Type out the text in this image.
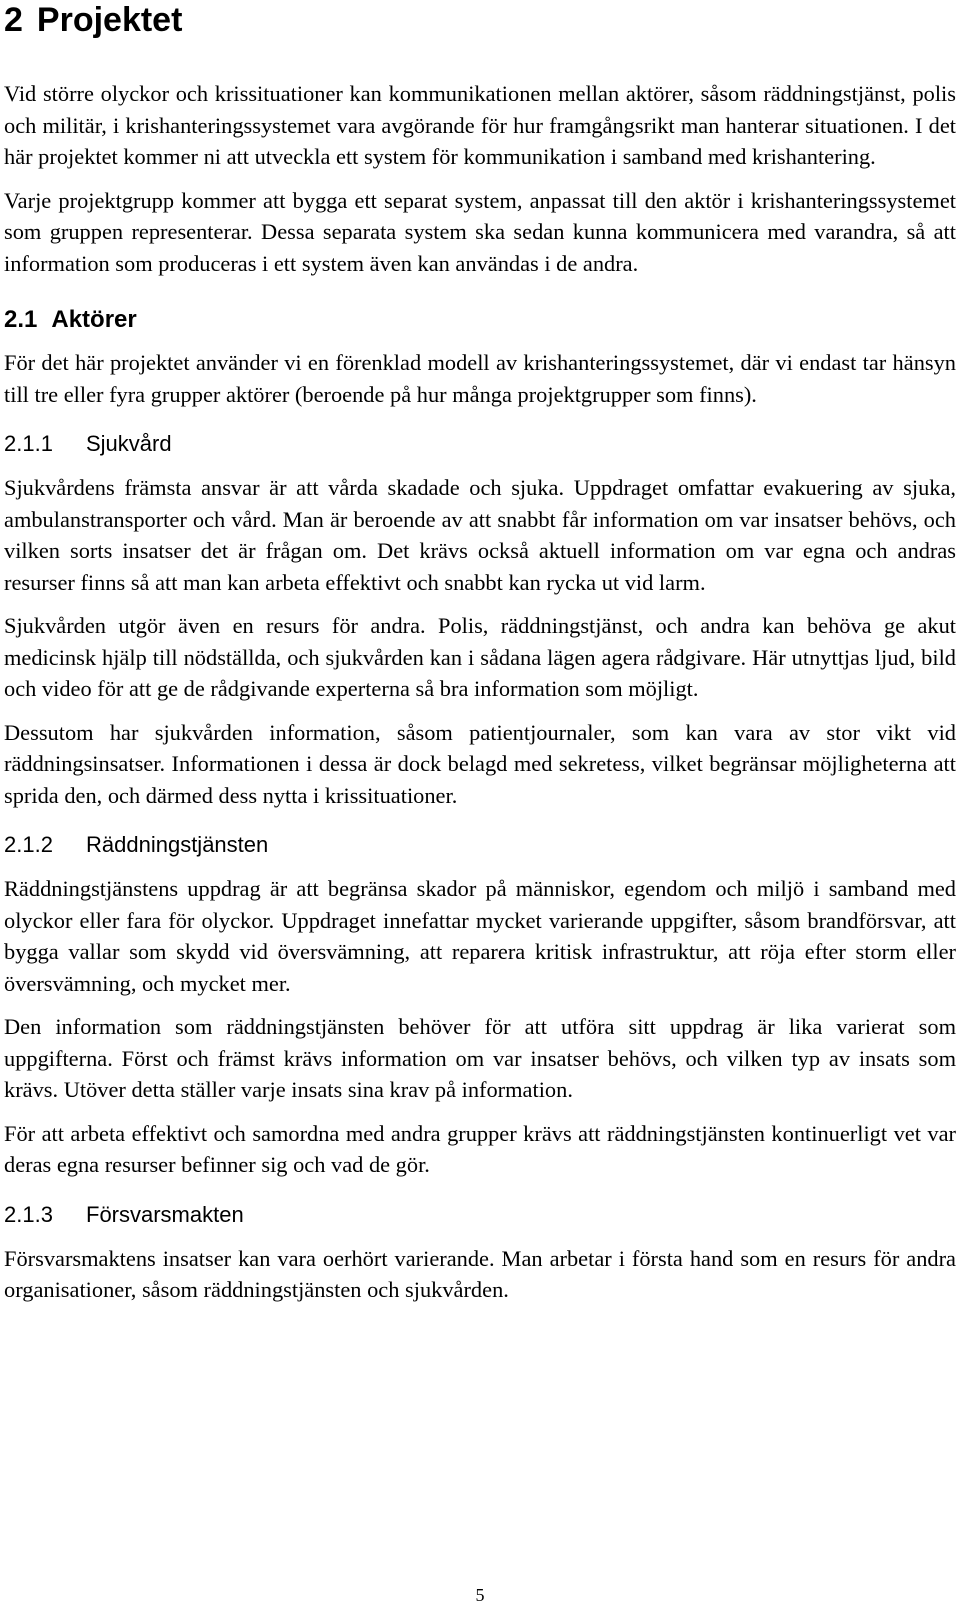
2 Projektet

Vid större olyckor och krissituationer kan kommunikationen mellan aktörer, såsom räddningstjänst, polis och militär, i krishanteringssystemet vara avgörande för hur framgångsrikt man hanterar situationen. I det här projektet kommer ni att utveckla ett system för kommunikation i samband med krishantering.

Varje projektgrupp kommer att bygga ett separat system, anpassat till den aktör i krishanteringssystemet som gruppen representerar. Dessa separata system ska sedan kunna kommunicera med varandra, så att information som produceras i ett system även kan användas i de andra.

2.1 Aktörer

För det här projektet använder vi en förenklad modell av krishanteringssystemet, där vi endast tar hänsyn till tre eller fyra grupper aktörer (beroende på hur många projektgrupper som finns).

2.1.1 Sjukvård

Sjukvårdens främsta ansvar är att vårda skadade och sjuka. Uppdraget omfattar evakuering av sjuka, ambulanstransporter och vård. Man är beroende av att snabbt får information om var insatser behövs, och vilken sorts insatser det är frågan om. Det krävs också aktuell information om var egna och andras resurser finns så att man kan arbeta effektivt och snabbt kan rycka ut vid larm.

Sjukvården utgör även en resurs för andra. Polis, räddningstjänst, och andra kan behöva ge akut medicinsk hjälp till nödställda, och sjukvården kan i sådana lägen agera rådgivare. Här utnyttjas ljud, bild och video för att ge de rådgivande experterna så bra information som möjligt.

Dessutom har sjukvården information, såsom patientjournaler, som kan vara av stor vikt vid räddningsinsatser. Informationen i dessa är dock belagd med sekretess, vilket begränsar möjligheterna att sprida den, och därmed dess nytta i krissituationer.

2.1.2 Räddningstjänsten

Räddningstjänstens uppdrag är att begränsa skador på människor, egendom och miljö i samband med olyckor eller fara för olyckor. Uppdraget innefattar mycket varierande uppgifter, såsom brandförsvar, att bygga vallar som skydd vid översvämning, att reparera kritisk infrastruktur, att röja efter storm eller översvämning, och mycket mer.

Den information som räddningstjänsten behöver för att utföra sitt uppdrag är lika varierat som uppgifterna. Först och främst krävs information om var insatser behövs, och vilken typ av insats som krävs. Utöver detta ställer varje insats sina krav på information.

För att arbeta effektivt och samordna med andra grupper krävs att räddningstjänsten kontinuerligt vet var deras egna resurser befinner sig och vad de gör.

2.1.3 Försvarsmakten

Försvarsmaktens insatser kan vara oerhört varierande. Man arbetar i första hand som en resurs för andra organisationer, såsom räddningstjänsten och sjukvården.

5
